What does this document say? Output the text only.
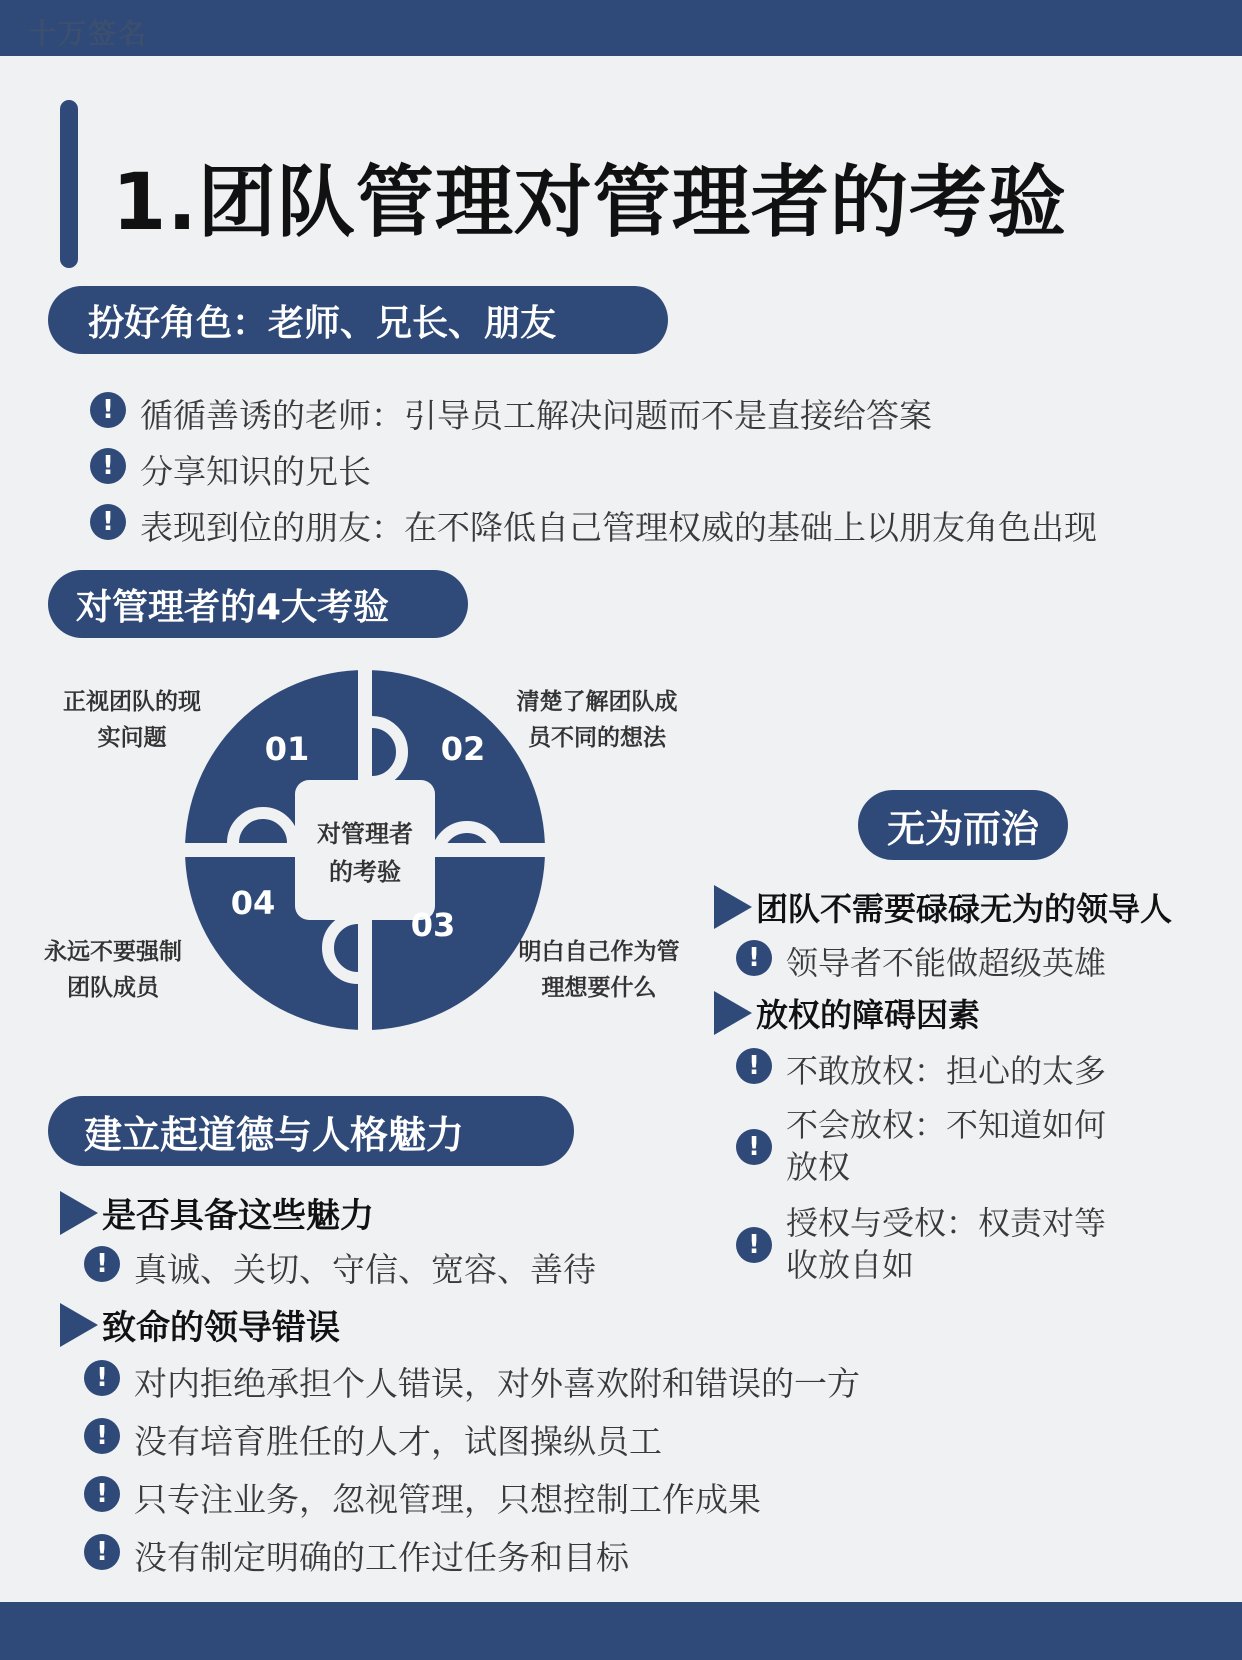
十万签名
1.团队管理对管理者的考验
扮好角色：老师、兄长、朋友
! 循循善诱的老师：引导员工解决问题而不是直接给答案
! 分享知识的兄长
! 表现到位的朋友：在不降低自己管理权威的基础上以朋友角色出现
对管理者的4大考验
01	02
03
04
对管理者
的考验
正视团队的现
实问题
清楚了解团队成
员不同的想法
明白自己作为管
理想要什么
永远不要强制
团队成员
无为而治
团队不需要碌碌无为的领导人
! 领导者不能做超级英雄
放权的障碍因素
! 不敢放权：担心的太多
!
不会放权：不知道如何
放权
!
授权与受权：权责对等
收放自如
建立起道德与人格魅力
是否具备这些魅力
! 真诚、关切、守信、宽容、善待
致命的领导错误
! 对内拒绝承担个人错误，对外喜欢附和错误的一方
! 没有培育胜任的人才，试图操纵员工
! 只专注业务，忽视管理，只想控制工作成果
! 没有制定明确的工作过任务和目标
